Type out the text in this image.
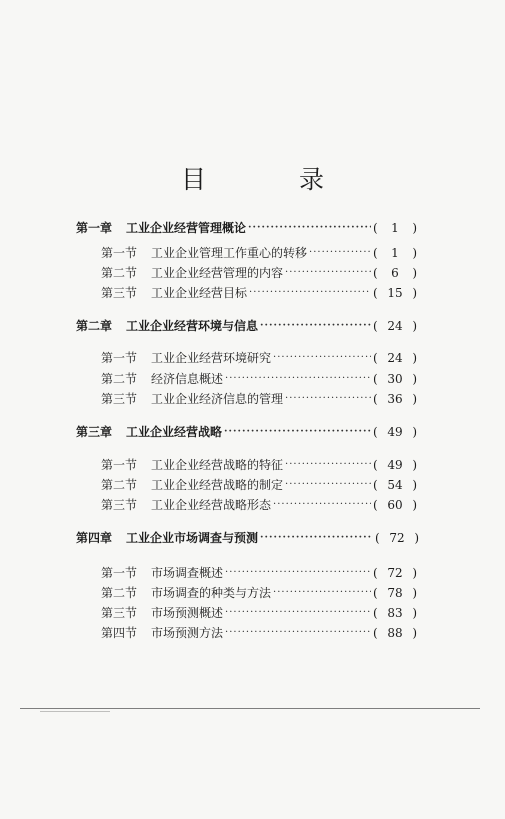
目　录
第一章 工业企业经营管理概论 ·····	( 1 )
第一节 工业企业管理工作重心的转移 ·····	( 1 )
第二节 工业企业经营管理的内容 ·····	( 6 )
第三节 工业企业经营目标 ·····	( 15 )
第二章 工业企业经营环境与信息 ·····	( 24 )
第一节 工业企业经营环境研究 ·····	( 24 )
第二节 经济信息概述 ·····	( 30 )
第三节 工业企业经济信息的管理 ·····	( 36 )
第三章 工业企业经营战略 ·····	( 49 )
第一节 工业企业经营战略的特征 ·····	( 49 )
第二节 工业企业经营战略的制定 ·····	( 54 )
第三节 工业企业经营战略形态 ·····	( 60 )
第四章 工业企业市场调查与预测 ·····	( 72 )
第一节 市场调查概述 ·····	( 72 )
第二节 市场调查的种类与方法 ·····	( 78 )
第三节 市场预测概述 ·····	( 83 )
第四节 市场预测方法 ·····	( 88 )
